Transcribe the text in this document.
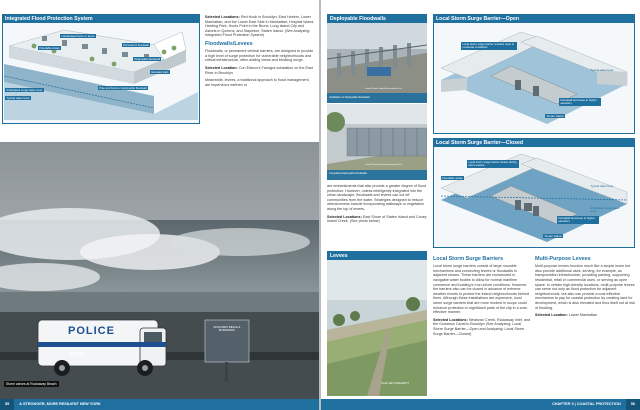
Integrated Flood Protection System
Landscaped berm or levee
Floodable areas
Permanent floodwall
Deployable floodwall
Elevated park
Anticipated surge water level
Typical water level
Pipe and bund or deployable floodwall

Selected Locations: Red Hook in Brooklyn; East Harlem, Lower Manhattan, and the Lower East Side in Manhattan; Hospital Island, Harding Park, Hunts Point in the Bronx; Long Island City and Astoria in Queens; and Stapleton, Staten Island. (See Analyzing: Integrated Flood Protection System)

Floodwalls/Levees

Floodwalls, or permanent vertical barriers, are designed to provide a high level of surge protection for vulnerable neighborhoods and critical infrastructure, often adding views and blocking surge.

Selected Location: Con Edison's Farragut substation on the East River in Brooklyn

Meanwhile, levees, a traditional approach to flood management, are impervious earthen or

POLICE
NYPD
ROCKAWAY BEACH & BOARDWALK
Storm waves at Rockaway Beach
55	A STRONGER, MORE RESILIENT NEW YORK
Deployable Floodwalls
Credit: Flood Control International Ltd
Installation of deployable floodwalls
Credit: Flood Control International Ltd
Completed deployable floodwalls
Local Storm Surge Barrier—Open
Local storm surge barrier remains open in moderate conditions
Typical water level
Floodwall and levee to higher elevation
Tender station
Local Storm Surge Barrier—Closed
Local storm surge barrier closes during storm events
Floodable areas
Typical water level
Anticipated surge water level
Floodwall and levee to higher elevation
Tender station

are embankments that also provide a greater degree of flood protection. However, unless intelligently integrated into the urban landscape, floodwalls and levees can cut off communities from the water. Strategies designed to reduce obtrusiveness include incorporating walkways or vegetation along the top of levees.

Selected Locations: East Shore of Staten Island and Coney Island Creek. (See photo below)

Levees
Credit: Mary Whitfield/NYT
Local Storm Surge Barriers

Local storm surge barriers consist of large movable mechanisms and connecting levees or floodwalls in adjacent shores. These barriers are constructed in navigable water bodies to allow for normal maritime commerce and boating in non-storm conditions. However, the barriers also can be closed in advance of extreme weather events to protect the inland neighborhoods behind them. Although these installations are expensive, local storm surge barriers that are more modest in scope could enhance protection in significant parts of the city in a cost-effective manner.

Selected Locations: Newtown Creek, Rockaway Inlet, and the Gowanus Canal in Brooklyn (See Analyzing: Local Storm Surge Barrier—Open and Analyzing: Local Storm Surge Barrier—Closed)

Multi-Purpose Levees

Multi-purpose levees function much like a simple levee but also provide additional uses, serving, for example, as transportation infrastructure, providing parking, supporting residential, retail or commercial uses, or serving as open space. In certain high-density locations, multi-purpose levees can serve not only as flood protection for adjacent neighborhoods, but also can provide a cost-effective mechanism to pay for coastal protection by creating land for development, which is also elevated and thus itself not at risk of flooding.

Selected Location: Lower Manhattan

CHAPTER 3 | COASTAL PROTECTION	56
